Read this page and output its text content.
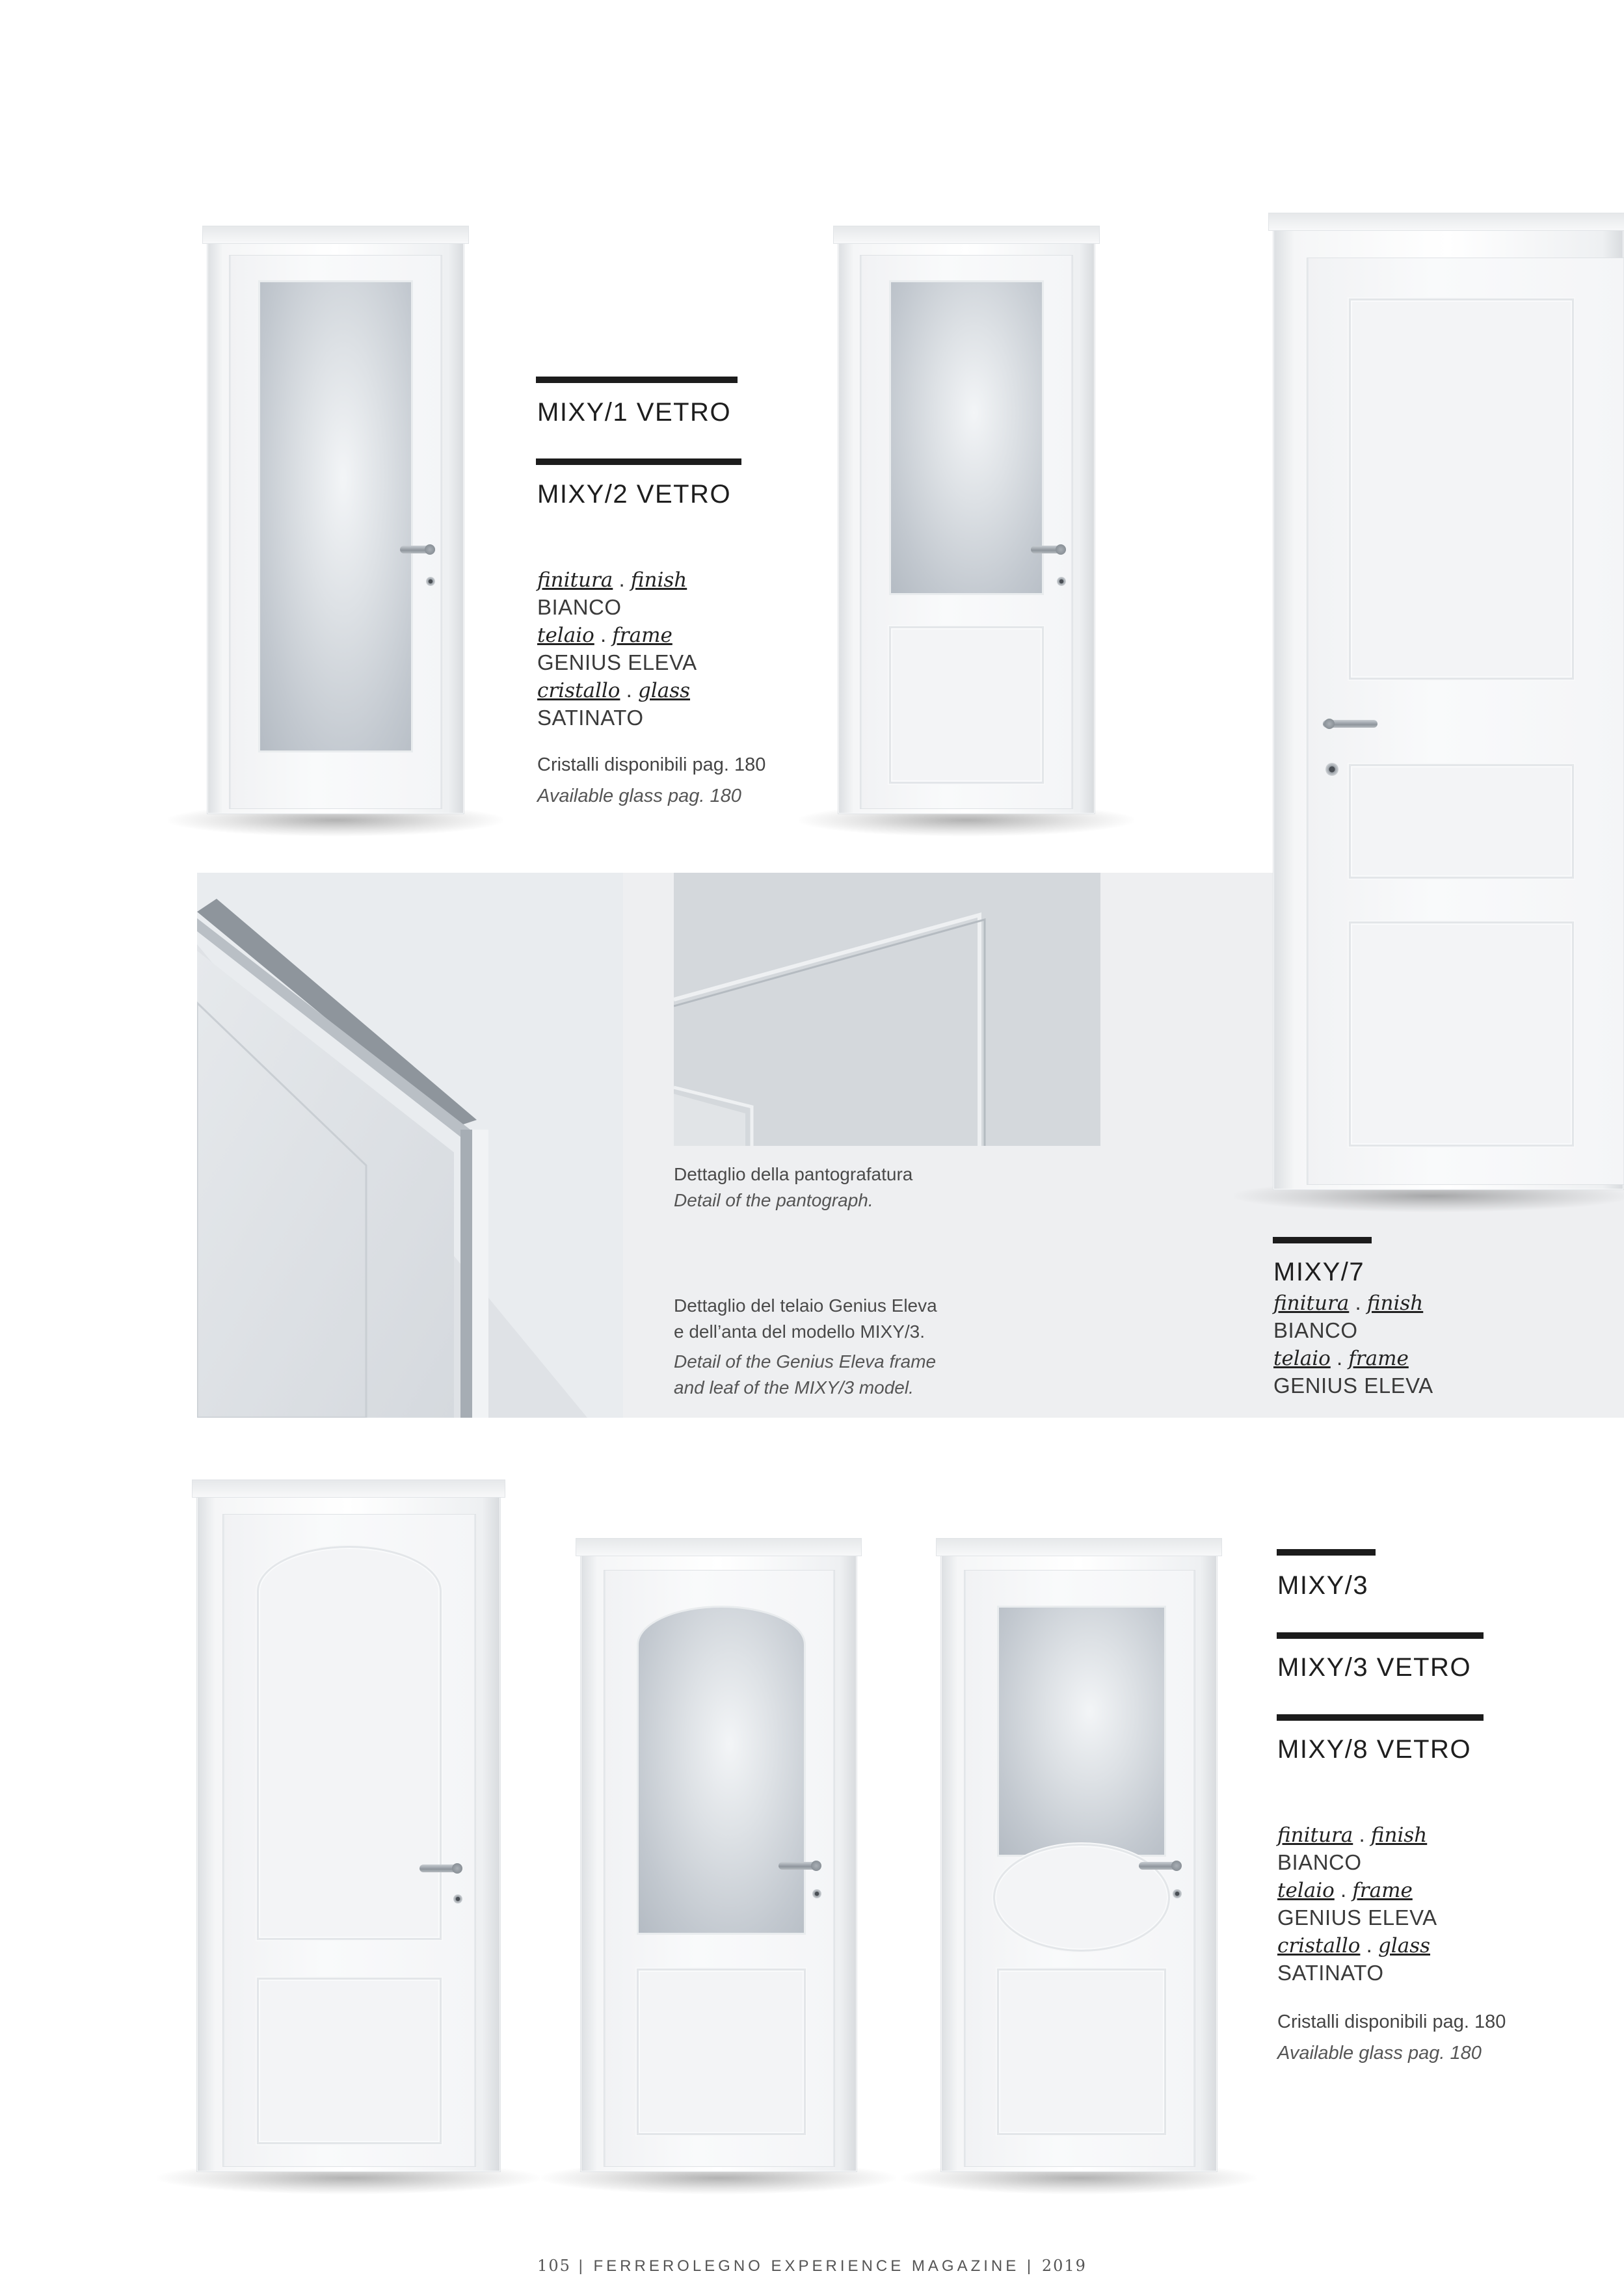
Dettaglio della pantografatura
Detail of the pantograph.
Dettaglio del telaio Genius Eleva
e dell’anta del modello MIXY/3.
Detail of the Genius Eleva frame
and leaf of the MIXY/3 model.
MIXY/1 VETRO
MIXY/2 VETRO
finitura . finish
BIANCO
telaio . frame
GENIUS ELEVA
cristallo . glass
SATINATO
Cristalli disponibili pag. 180
Available glass pag. 180
MIXY/7
finitura . finish
BIANCO
telaio . frame
GENIUS ELEVA
MIXY/3
MIXY/3 VETRO
MIXY/8 VETRO
finitura . finish
BIANCO
telaio . frame
GENIUS ELEVA
cristallo . glass
SATINATO
Cristalli disponibili pag. 180
Available glass pag. 180
105 | FERREROLEGNO EXPERIENCE MAGAZINE | 2019
